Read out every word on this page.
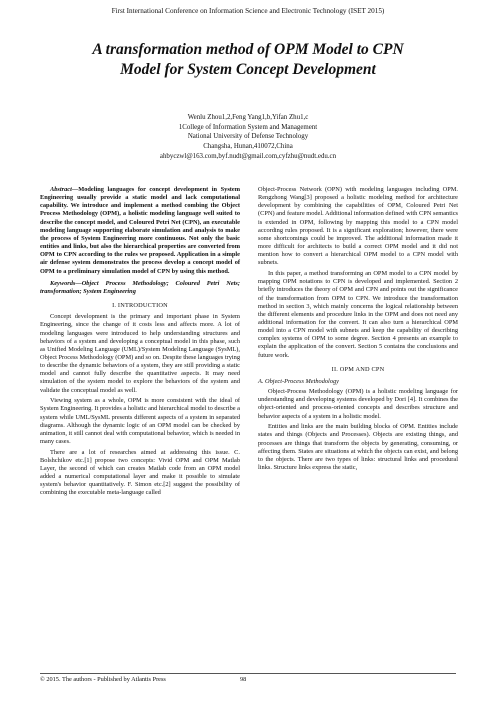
First International Conference on Information Science and Electronic Technology (ISET 2015)
A transformation method of OPM Model to CPN
Model for System Concept Development
Wenlu Zhou1,2,Feng Yang1,b,Yifan Zhu1,c
1College of Information System and Management
National University of Defense Technology
Changsha, Hunan,410072,China
ahbyczwl@163.com,byf.nudt@gmail.com,cyfzhu@nudt.edu.cn

Abstract—Modeling languages for concept development in System Engineering usually provide a static model and lack computational capability. We introduce and implement a method combing the Object Process Methodology (OPM), a holistic modeling language well suited to describe the concept model, and Coloured Petri Net (CPN), an executable modeling language supporting elaborate simulation and analysis to make the process of System Engineering more continuous. Not only the basic entities and links, but also the hierarchical properties are converted from OPM to CPN according to the rules we proposed. Application in a simple air defense system demonstrates the process develop a concept model of OPM to a preliminary simulation model of CPN by using this method.

Keywords—Object Process Methodology; Coloured Petri Nets; transformation; System Engineering

I. INTRODUCTION

Concept development is the primary and important phase in System Engineering, since the change of it costs less and affects more. A lot of modeling languages were introduced to help understanding structures and behaviors of a system and developing a conceptual model in this phase, such as Unified Modeling Language (UML)/System Modeling Language (SysML), Object Process Methodology (OPM) and so on. Despite these languages trying to describe the dynamic behaviors of a system, they are still providing a static model and cannot fully describe the quantitative aspects. It may need simulation of the system model to explore the behaviors of the system and validate the conceptual model as well.

Viewing system as a whole, OPM is more consistent with the ideal of System Engineering. It provides a holistic and hierarchical model to describe a system while UML/SysML presents different aspects of a system in separated diagrams. Although the dynamic logic of an OPM model can be checked by animation, it still cannot deal with computational behavior, which is needed in many cases.

There are a lot of researches aimed at addressing this issue. C. Bolshchikov etc.[1] propose two concepts: Vivid OPM and OPM Matlab Layer, the second of which can creates Matlab code from an OPM model added a numerical computational layer and make it possible to simulate system's behavior quantitatively. F. Simon etc.[2] suggest the possibility of combining the executable meta-language called

Object-Process Network (OPN) with modeling languages including OPM. Rengzhong Wang[3] proposed a holistic modeling method for architecture development by combining the capabilities of OPM, Coloured Petri Net (CPN) and feature model. Additional information defined with CPN semantics is extended in OPM, following by mapping this model to a CPN model according rules proposed. It is a significant exploration; however, there were some shortcomings could be improved. The additional information made it more difficult for architects to build a correct OPM model and it did not mention how to convert a hierarchical OPM model to a CPN model with subnets.

In this paper, a method transforming an OPM model to a CPN model by mapping OPM notations to CPN is developed and implemented. Section 2 briefly introduces the theory of OPM and CPN and points out the significance of the transformation from OPM to CPN. We introduce the transformation method in section 3, which mainly concerns the logical relationship between the different elements and procedure links in the OPM and does not need any additional information for the convert. It can also turn a hierarchical OPM model into a CPN model with subnets and keep the capability of describing complex systems of OPM to some degree. Section 4 presents an example to explain the application of the convert. Section 5 contains the conclusions and future work.

II. OPM AND CPN

A. Object-Process Methodology

Object-Process Methodology (OPM) is a holistic modeling language for understanding and developing systems developed by Dori [4]. It combines the object-oriented and process-oriented concepts and describes structure and behavior aspects of a system in a holistic model.

Entities and links are the main building blocks of OPM. Entities include states and things (Objects and Processes). Objects are existing things, and processes are things that transform the objects by generating, consuming, or affecting them. States are situations at which the objects can exist, and belong to the objects. There are two types of links: structural links and procedural links. Structure links express the static,

© 2015. The authors - Published by Atlantis Press	98
